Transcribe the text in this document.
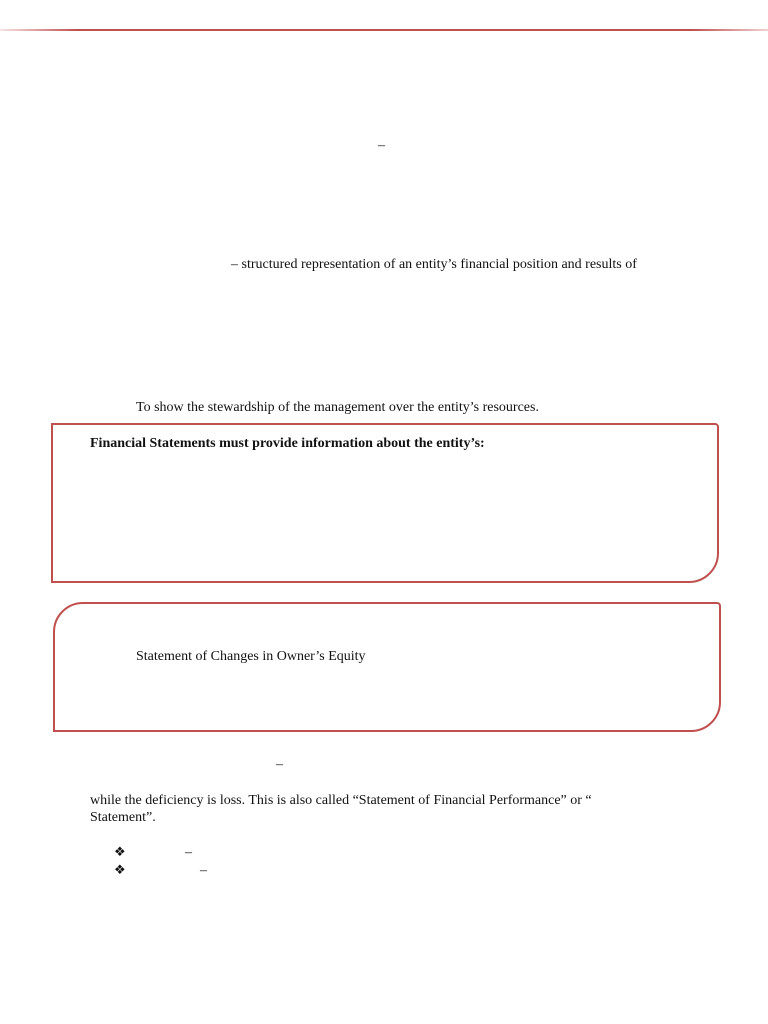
–
– structured representation of an entity’s financial position and results of
To show the stewardship of the management over the entity’s resources.
Financial Statements must provide information about the entity’s:
Statement of Changes in Owner’s Equity
–
while the deficiency is loss. This is also called “Statement of Financial Performance” or “
Statement”.
❖	–
❖	–
